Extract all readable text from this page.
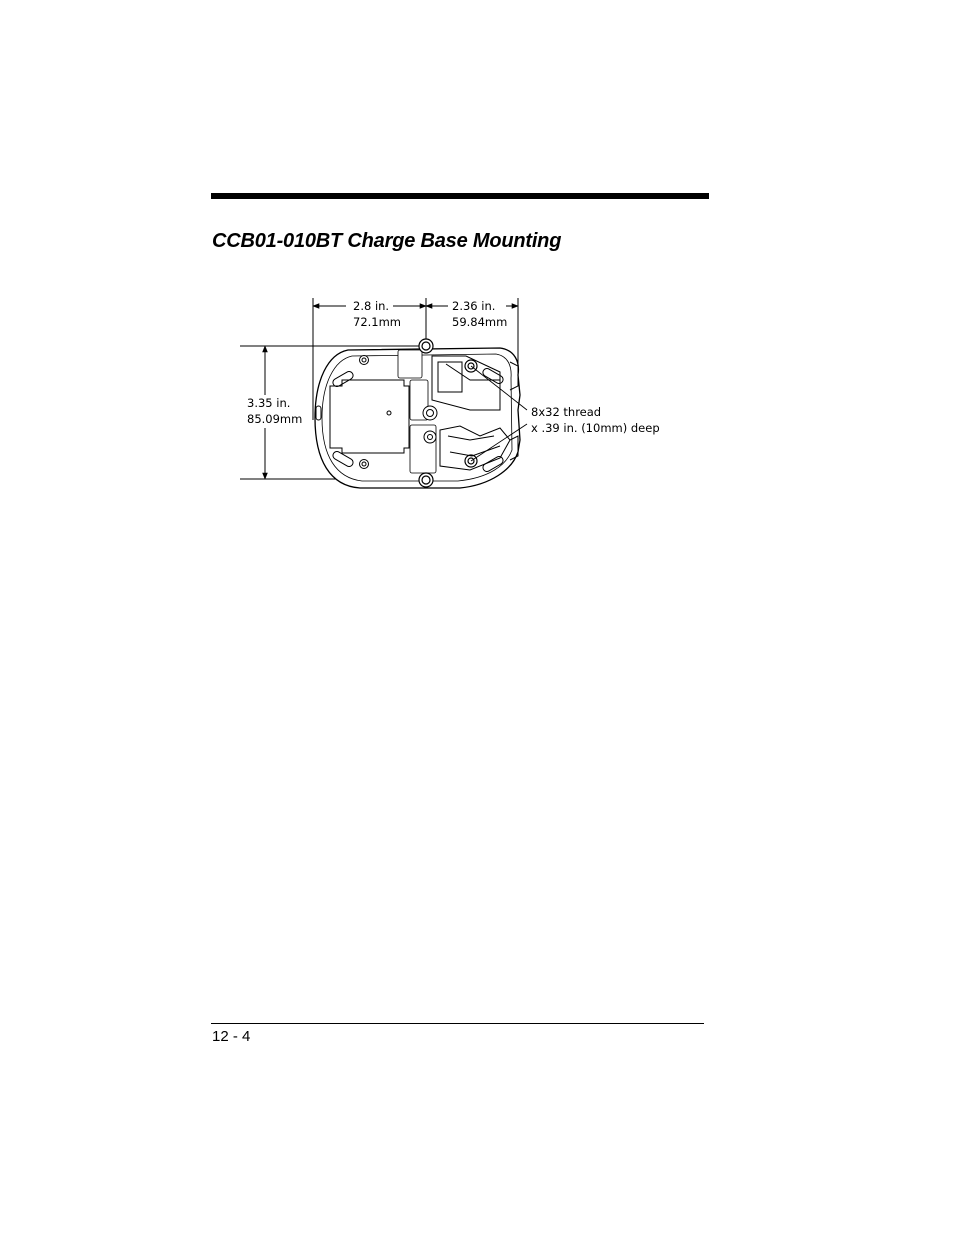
CCB01-010BT Charge Base Mounting
2.8 in.
72.1mm
2.36 in.
59.84mm
3.35 in.
85.09mm	8x32 thread
x .39 in. (10mm) deep
12 - 4
